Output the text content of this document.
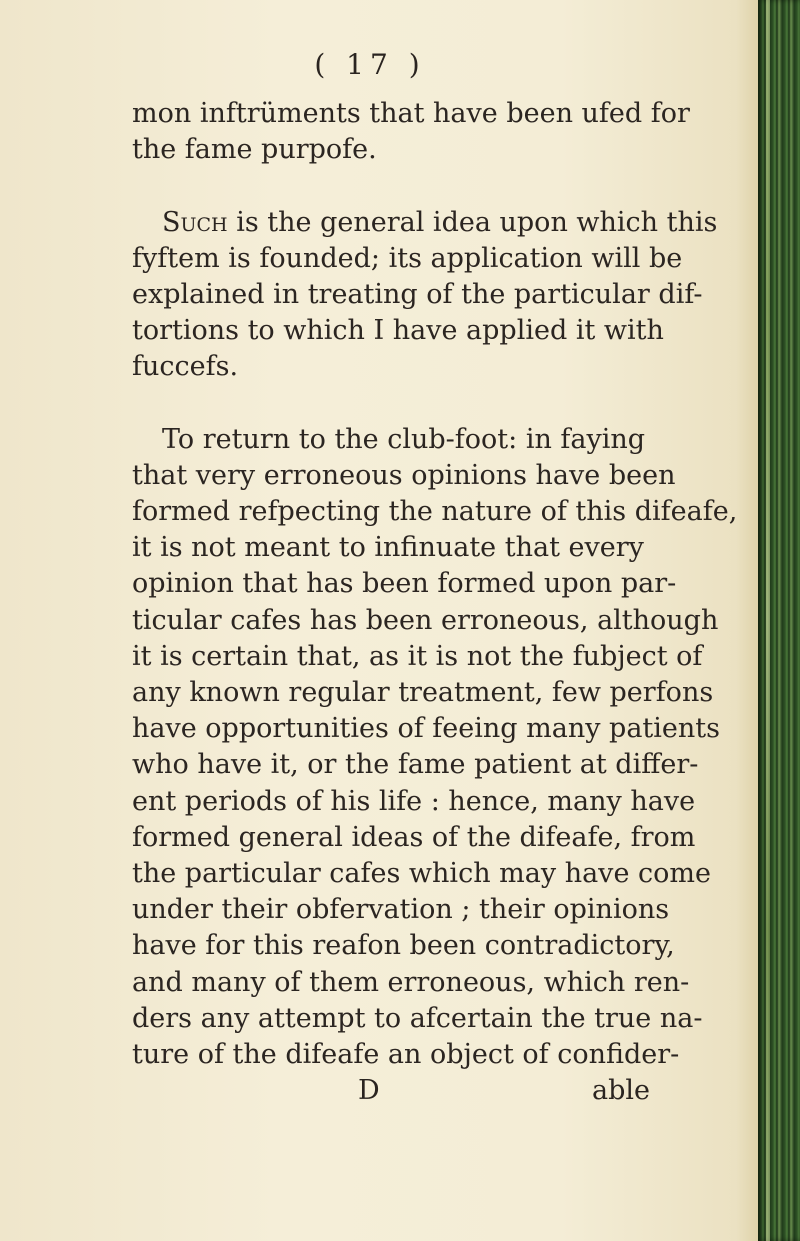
( 17 )
mon inftrüments that have been ufed for
the fame purpofe.
Such is the general idea upon which this
fyftem is founded; its application will be
explained in treating of the particular dif-
tortions to which I have applied it with
fuccefs.
To return to the club-foot: in faying
that very erroneous opinions have been
formed refpecting the nature of this difeafe,
it is not meant to infinuate that every
opinion that has been formed upon par-
ticular cafes has been erroneous, although
it is certain that, as it is not the fubject of
any known regular treatment, few perfons
have opportunities of feeing many patients
who have it, or the fame patient at differ-
ent periods of his life : hence, many have
formed general ideas of the difeafe, from
the particular cafes which may have come
under their obfervation ; their opinions
have for this reafon been contradictory,
and many of them erroneous, which ren-
ders any attempt to afcertain the true na-
ture of the difeafe an object of confider-
D	able
